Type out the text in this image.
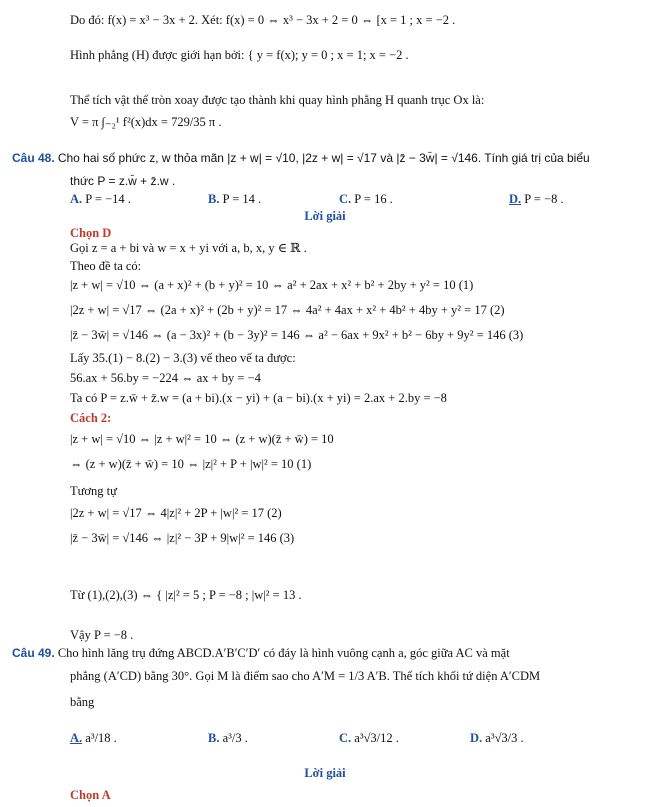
Do đó: f(x) = x³ − 3x + 2. Xét: f(x) = 0 ⇔ x³ − 3x + 2 = 0 ⇔ [x = 1 ; x = −2 .
Hình phẳng (H) được giới hạn bởi: { y = f(x); y = 0 ; x = 1; x = −2 .
Thể tích vật thể tròn xoay được tạo thành khi quay hình phẳng H quanh trục Ox là:
V = π ∫₋₂¹ f²(x)dx = 729/35 π .
Câu 48. Cho hai số phức z, w thỏa mãn |z + w| = √10, |2z + w| = √17 và |z̄ − 3w̄| = √146. Tính giá trị của biểu
thức P = z.w̄ + z̄.w .
A. P = −14 .	B. P = 14 .	C. P = 16 .	D. P = −8 .
Lời giải
Chọn D
Gọi z = a + bi và w = x + yi với a, b, x, y ∈ ℝ .
Theo đề ta có:
|z + w| = √10 ⇔ (a + x)² + (b + y)² = 10 ⇔ a² + 2ax + x² + b² + 2by + y² = 10 (1)
|2z + w| = √17 ⇔ (2a + x)² + (2b + y)² = 17 ⇔ 4a² + 4ax + x² + 4b² + 4by + y² = 17 (2)
|z̄ − 3w̄| = √146 ⇔ (a − 3x)² + (b − 3y)² = 146 ⇔ a² − 6ax + 9x² + b² − 6by + 9y² = 146 (3)
Lấy 35.(1) − 8.(2) − 3.(3) vế theo vế ta được:
56.ax + 56.by = −224 ⇔ ax + by = −4
Ta có P = z.w̄ + z̄.w = (a + bi).(x − yi) + (a − bi).(x + yi) = 2.ax + 2.by = −8
Cách 2:
|z + w| = √10 ⇔ |z + w|² = 10 ⇔ (z + w)(z̄ + w̄) = 10
⇔ (z + w)(z̄ + w̄) = 10 ⇔ |z|² + P + |w|² = 10 (1)
Tương tự
|2z + w| = √17 ⇔ 4|z|² + 2P + |w|² = 17 (2)
|z̄ − 3w̄| = √146 ⇔ |z|² − 3P + 9|w|² = 146 (3)
Từ (1),(2),(3) ⇔ { |z|² = 5 ; P = −8 ; |w|² = 13 .
Vậy P = −8 .
Câu 49. Cho hình lăng trụ đứng ABCD.A′B′C′D′ có đáy là hình vuông cạnh a, góc giữa AC và mặt
phẳng (A′CD) bằng 30°. Gọi M là điểm sao cho A′M = 1/3 A′B. Thể tích khối tứ diện A′CDM
bằng
A. a³/18 .	B. a³/3 .	C. a³√3/12 .	D. a³√3/3 .
Lời giải
Chọn A
